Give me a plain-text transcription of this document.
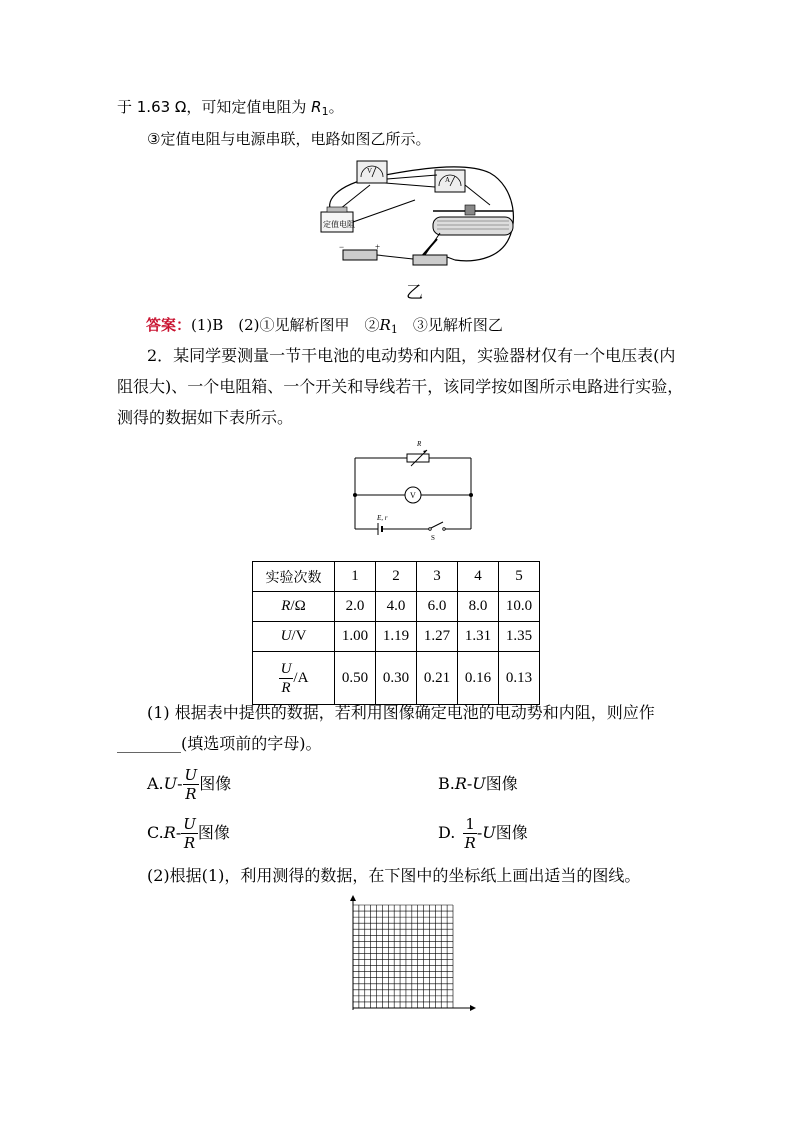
于 1.63 Ω，可知定值电阻为 $R_1$。
③定值电阻与电源串联，电路如图乙所示。
V
A
定值电阻
−	+
乙
答案：(1)B　(2)①见解析图甲　$②R_1$　③见解析图乙
2．某同学要测量一节干电池的电动势和内阻，实验器材仅有一个电压表(内
阻很大)、一个电阻箱、一个开关和导线若干，该同学按如图所示电路进行实验，
测得的数据如下表所示。
R
V
E, r
S
实验次数	1	2	3	4	5
R/Ω	2.0	4.0	6.0	8.0	10.0
U/V	1.00	1.19	1.27	1.31	1.35

$\frac{U}{R} /A$	0.50	0.30	0.21	0.16	0.13
(1) 根据表中提供的数据，若利用图像确定电池的电动势和内阻，则应作
________(填选项前的字母)。
A. U - $\frac{U}{R}$ 图像	B. R - U 图像
C. R - $\frac{U}{R}$ 图像	D. $\frac{1}{R}$ - U 图像
(2)根据(1)，利用测得的数据，在下图中的坐标纸上画出适当的图线。
